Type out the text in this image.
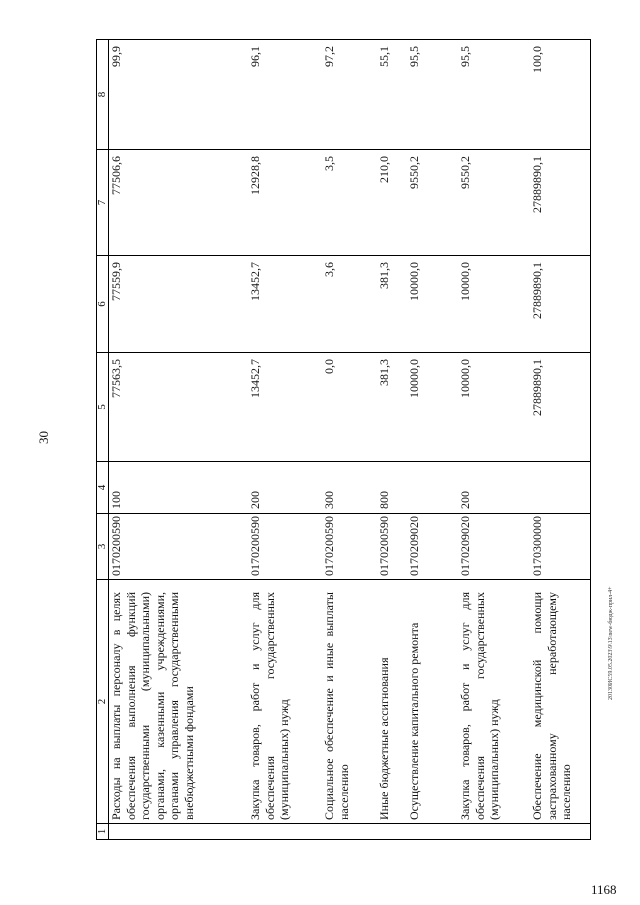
30
1	2	3	4	5	6	7	8
	Расходы на выплаты персоналу в целях обеспечения выполнения функций государственными (муниципальными) органами, казенными учреждениями, органами управления государственными внебюджетными фондами	0170200590	100	77563,5	77559,9	77506,6	99,9
	Закупка товаров, работ и услуг для обеспечения государственных (муниципальных) нужд	0170200590	200	13452,7	13452,7	12928,8	96,1
	Социальное обеспечение и иные выплаты населению	0170200590	300	0,0	3,6	3,5	97,2
	Иные бюджетные ассигнования	0170200590	800	381,3	381,3	210,0	55,1
	Осуществление капитального ремонта	0170209020		10000,0	10000,0	9550,2	95,5
	Закупка товаров, работ и услуг для обеспечения государственных (муниципальных) нужд	0170209020	200	10000,0	10000,0	9550,2	95,5
	Обеспечение медицинской помощи застрахованному неработающему населению	0170300000		27889890,1	27889890,1	27889890,1	100,0
20130ИC59.05.2023\9\13\new-бюдж-прил-4+
1168
